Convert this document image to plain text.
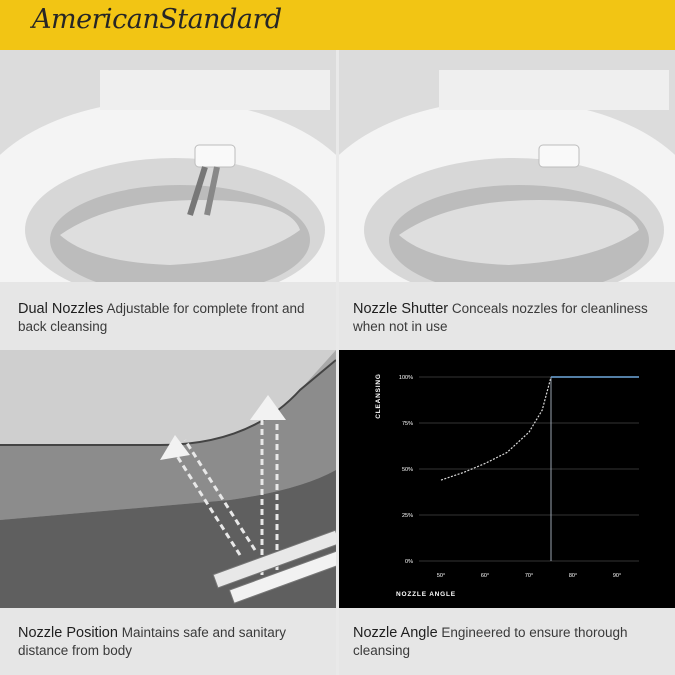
AmericanStandard
Dual Nozzles Adjustable for complete front and back cleansing
Nozzle Shutter Conceals nozzles for cleanliness when not in use
Nozzle Position Maintains safe and sanitary distance from body
0%
25%
50%
75%
100%
50°	60°	70°	80°	90°
CLEANSING
NOZZLE ANGLE
Nozzle Angle Engineered to ensure thorough cleansing
